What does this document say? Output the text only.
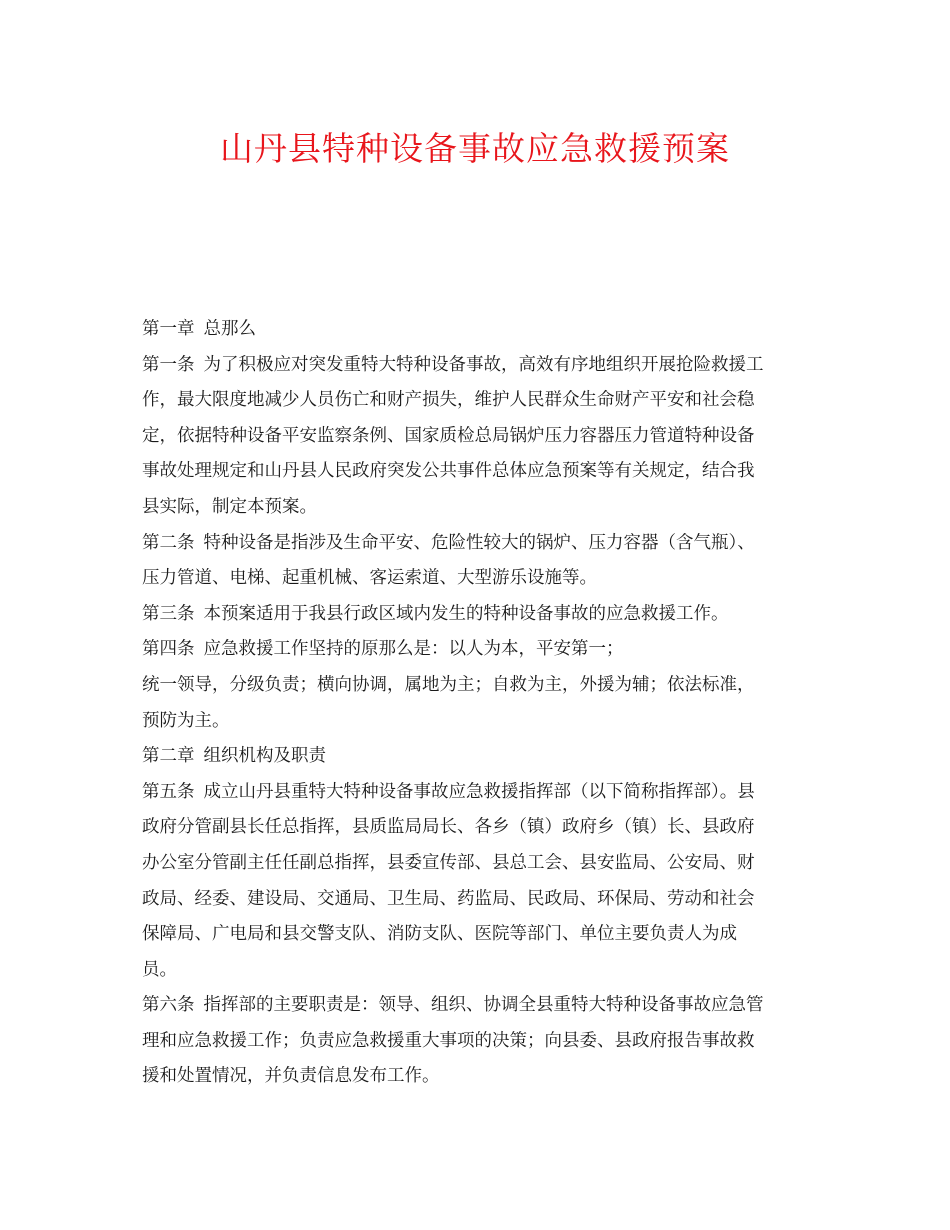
山丹县特种设备事故应急救援预案
第一章 总那么
第一条 为了积极应对突发重特大特种设备事故，高效有序地组织开展抢险救援工
作，最大限度地减少人员伤亡和财产损失，维护人民群众生命财产平安和社会稳
定，依据特种设备平安监察条例、国家质检总局锅炉压力容器压力管道特种设备
事故处理规定和山丹县人民政府突发公共事件总体应急预案等有关规定，结合我
县实际，制定本预案。
第二条 特种设备是指涉及生命平安、危险性较大的锅炉、压力容器（含气瓶）、
压力管道、电梯、起重机械、客运索道、大型游乐设施等。
第三条 本预案适用于我县行政区域内发生的特种设备事故的应急救援工作。
第四条 应急救援工作坚持的原那么是：以人为本，平安第一；
统一领导，分级负责；横向协调，属地为主；自救为主，外援为辅；依法标准，
预防为主。
第二章 组织机构及职责
第五条 成立山丹县重特大特种设备事故应急救援指挥部（以下简称指挥部）。县
政府分管副县长任总指挥，县质监局局长、各乡（镇）政府乡（镇）长、县政府
办公室分管副主任任副总指挥，县委宣传部、县总工会、县安监局、公安局、财
政局、经委、建设局、交通局、卫生局、药监局、民政局、环保局、劳动和社会
保障局、广电局和县交警支队、消防支队、医院等部门、单位主要负责人为成
员。
第六条 指挥部的主要职责是：领导、组织、协调全县重特大特种设备事故应急管
理和应急救援工作；负责应急救援重大事项的决策；向县委、县政府报告事故救
援和处置情况，并负责信息发布工作。
